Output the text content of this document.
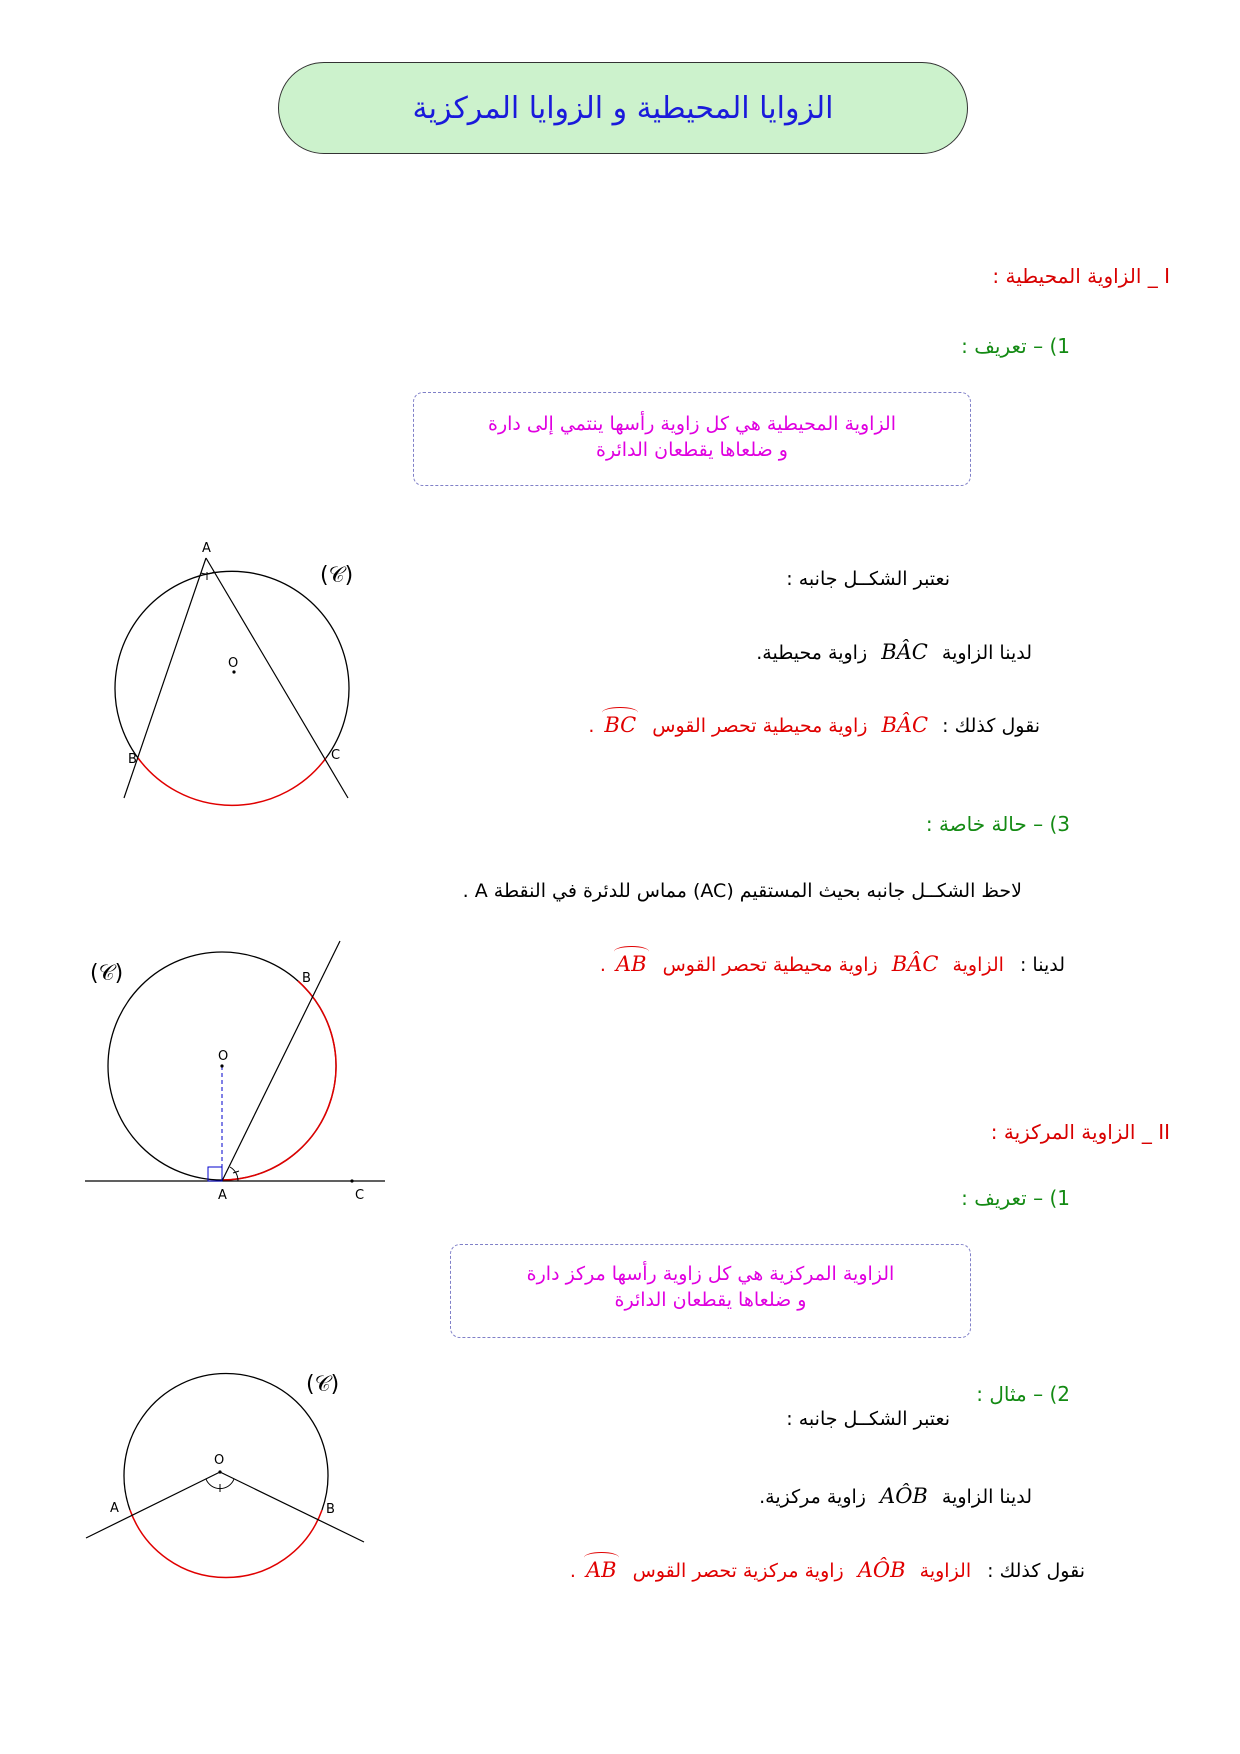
الزوايا المحيطية و الزوايا المركزية
I _ الزاوية المحيطية :
1) – تعريف :
الزاوية المحيطية هي كل زاوية رأسها ينتمي إلى دارة
و ضلعاها يقطعان الدائرة
A
B	C
O
(𝒞)	نعتبر الشكــل جانبه :
لدينا الزاوية BÂC زاوية محيطية.
نقول كذلك : BÂC زاوية محيطية تحصر القوس BC.
3) – حالة خاصة :
لاحظ الشكــل جانبه بحيث المستقيم (AC) مماس للدئرة في النقطة A .
لدينا : الزاوية BÂC زاوية محيطية تحصر القوس AB.
O
A
B
C
(𝒞)
II _ الزاوية المركزية :
1) – تعريف :
الزاوية المركزية هي كل زاوية رأسها مركز دارة
و ضلعاها يقطعان الدائرة
2) – مثال :
نعتبر الشكــل جانبه :
لدينا الزاوية AÔB زاوية مركزية.
نقول كذلك : الزاوية AÔB زاوية مركزية تحصر القوس AB.
O
A	B
(𝒞)
